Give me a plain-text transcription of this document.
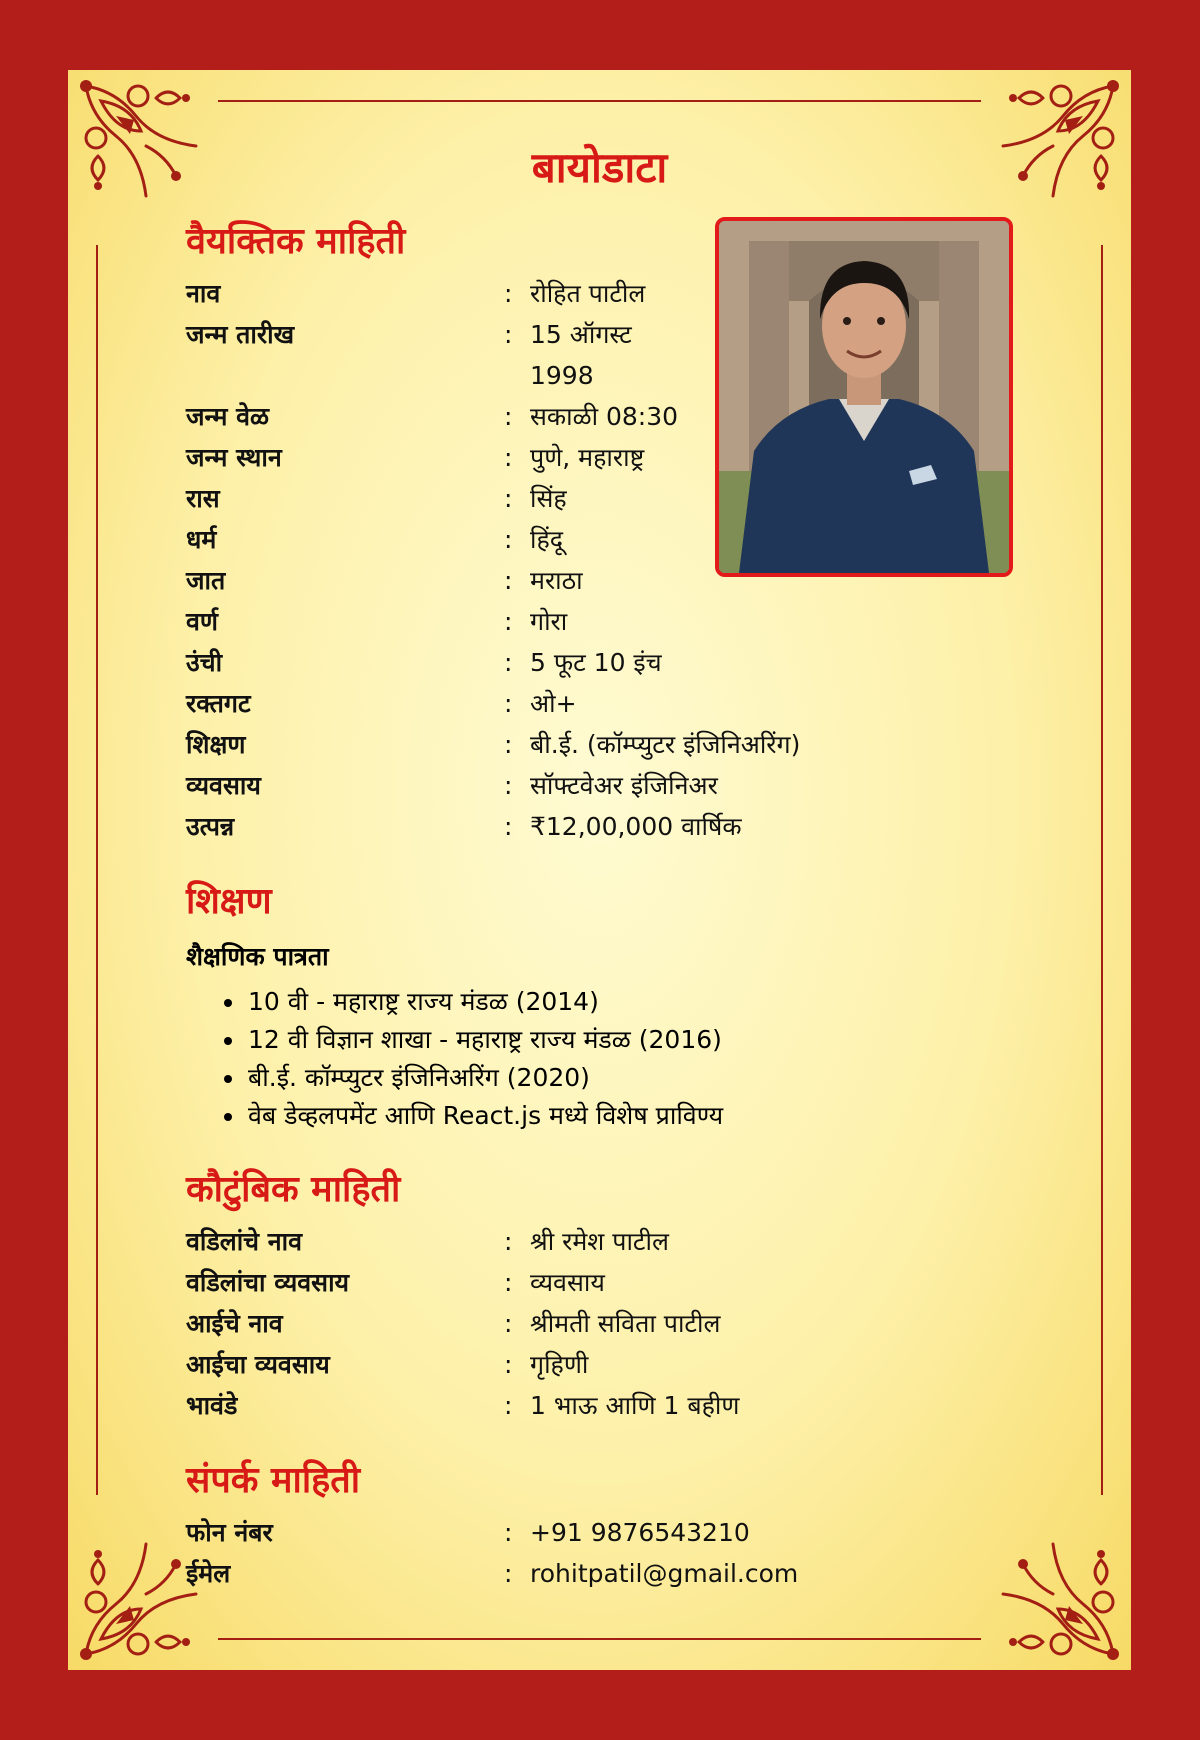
बायोडाटा
वैयक्तिक माहिती
नाव	: रोहित पाटील
जन्म तारीख	: 15 ऑगस्ट 1998
जन्म वेळ	: सकाळी 08:30
जन्म स्थान	: पुणे, महाराष्ट्र
रास	: सिंह
धर्म	: हिंदू
जात	: मराठा
वर्ण	: गोरा
उंची	: 5 फूट 10 इंच
रक्तगट	: ओ+
शिक्षण	: बी.ई. (कॉम्प्युटर इंजिनिअरिंग)
व्यवसाय	: सॉफ्टवेअर इंजिनिअर
उत्पन्न	: ₹12,00,000 वार्षिक
शिक्षण
शैक्षणिक पात्रता
• 10 वी - महाराष्ट्र राज्य मंडळ (2014)
• 12 वी विज्ञान शाखा - महाराष्ट्र राज्य मंडळ (2016)
• बी.ई. कॉम्प्युटर इंजिनिअरिंग (2020)
• वेब डेव्हलपमेंट आणि React.js मध्ये विशेष प्राविण्य
कौटुंबिक माहिती
वडिलांचे नाव	: श्री रमेश पाटील
वडिलांचा व्यवसाय	: व्यवसाय
आईचे नाव	: श्रीमती सविता पाटील
आईचा व्यवसाय	: गृहिणी
भावंडे	: 1 भाऊ आणि 1 बहीण
संपर्क माहिती
फोन नंबर	: +91 9876543210
ईमेल	: rohitpatil@gmail.com
